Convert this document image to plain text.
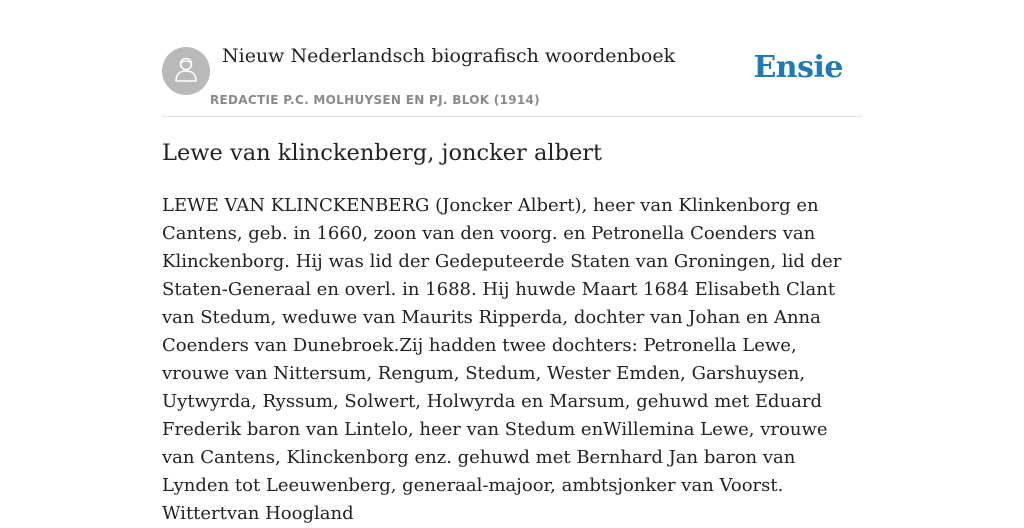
Nieuw Nederlandsch biografisch woordenboek
REDACTIE P.C. MOLHUYSEN EN PJ. BLOK (1914)
Ensie
Lewe van klinckenberg, joncker albert

LEWE VAN KLINCKENBERG (Joncker Albert), heer van Klinkenborg en Cantens, geb. in 1660, zoon van den voorg. en Petronella Coenders van Klinckenborg. Hij was lid der Gedeputeerde Staten van Groningen, lid der Staten-Generaal en overl. in 1688. Hij huwde Maart 1684 Elisabeth Clant van Stedum, weduwe van Maurits Ripperda, dochter van Johan en Anna Coenders van Dunebroek.Zij hadden twee dochters: Petronella Lewe, vrouwe van Nittersum, Rengum, Stedum, Wester Emden, Garshuysen, Uytwyrda, Ryssum, Solwert, Holwyrda en Marsum, gehuwd met Eduard Frederik baron van Lintelo, heer van Stedum enWillemina Lewe, vrouwe van Cantens, Klinckenborg enz. gehuwd met Bernhard Jan baron van Lynden tot Leeuwenberg, generaal-majoor, ambtsjonker van Voorst. Wittertvan Hoogland
